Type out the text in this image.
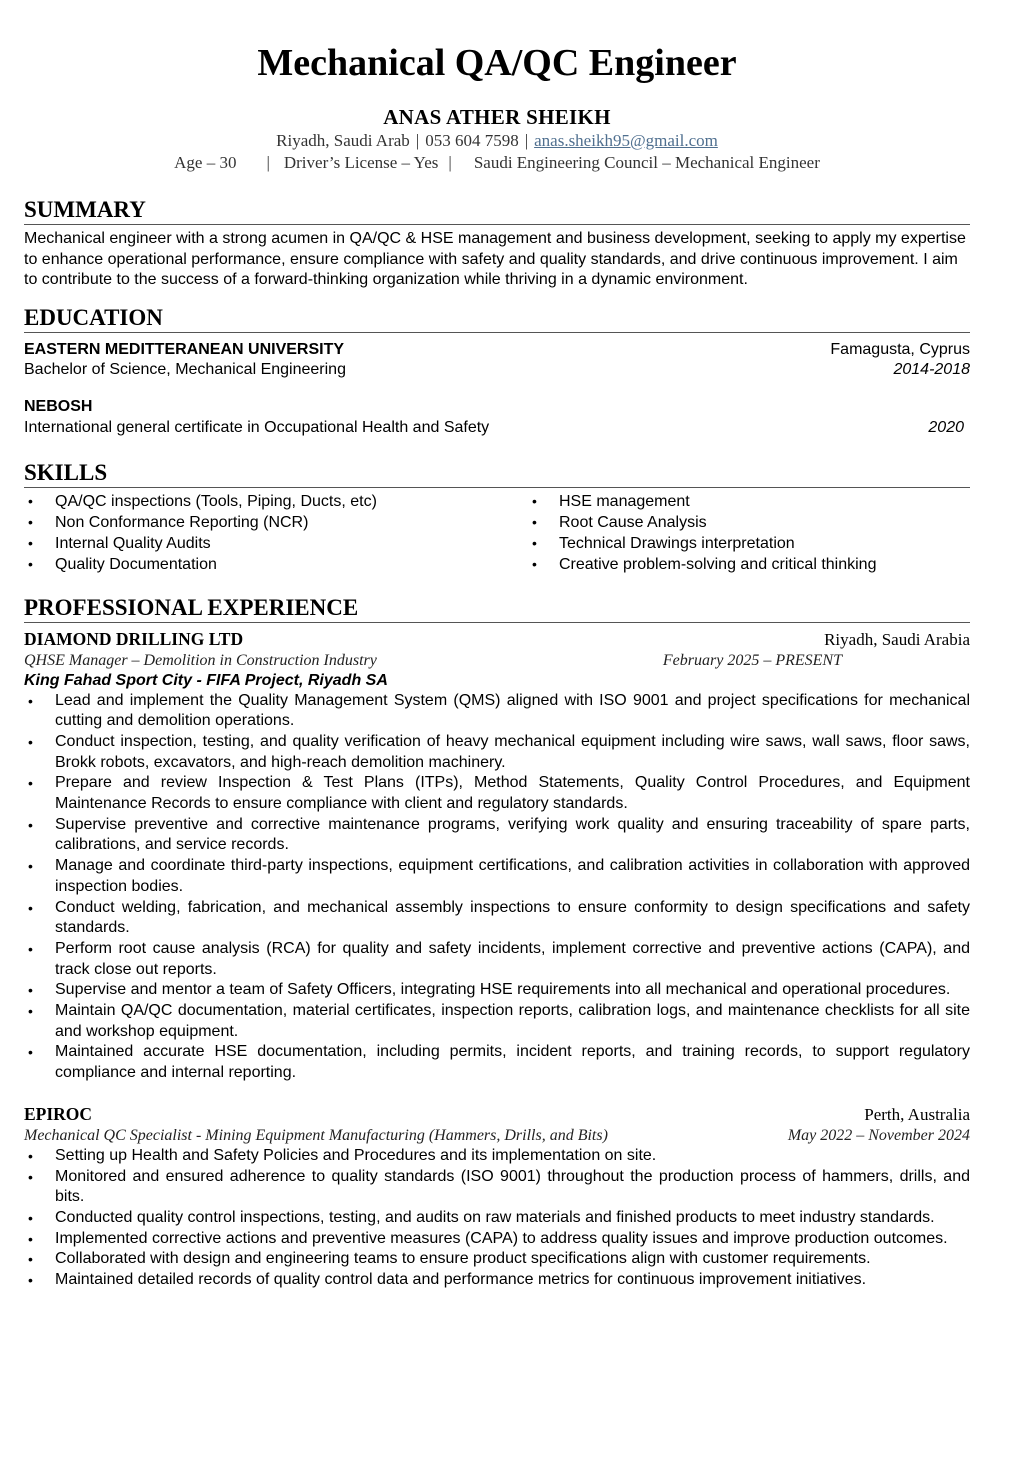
Mechanical QA/QC Engineer
ANAS ATHER SHEIKH
Riyadh, Saudi Arab | 053 604 7598 | anas.sheikh95@gmail.com
Age – 30 | Driver’s License – Yes | Saudi Engineering Council – Mechanical Engineer
SUMMARY
Mechanical engineer with a strong acumen in QA/QC & HSE management and business development, seeking to apply my expertise to enhance operational performance, ensure compliance with safety and quality standards, and drive continuous improvement. I aim to contribute to the success of a forward-thinking organization while thriving in a dynamic environment.
EDUCATION
EASTERN MEDITTERANEAN UNIVERSITY	Famagusta, Cyprus
Bachelor of Science, Mechanical Engineering	2014-2018
NEBOSH
International general certificate in Occupational Health and Safety	2020
SKILLS
• QA/QC inspections (Tools, Piping, Ducts, etc)
• Non Conformance Reporting (NCR)
• Internal Quality Audits
• Quality Documentation
• HSE management
• Root Cause Analysis
• Technical Drawings interpretation
• Creative problem-solving and critical thinking
PROFESSIONAL EXPERIENCE
DIAMOND DRILLING LTD	Riyadh, Saudi Arabia
QHSE Manager – Demolition in Construction Industry	February 2025 – PRESENT
King Fahad Sport City - FIFA Project, Riyadh SA
• Lead and implement the Quality Management System (QMS) aligned with ISO 9001 and project specifications for mechanical cutting and demolition operations.
• Conduct inspection, testing, and quality verification of heavy mechanical equipment including wire saws, wall saws, floor saws, Brokk robots, excavators, and high-reach demolition machinery.
• Prepare and review Inspection & Test Plans (ITPs), Method Statements, Quality Control Procedures, and Equipment Maintenance Records to ensure compliance with client and regulatory standards.
• Supervise preventive and corrective maintenance programs, verifying work quality and ensuring traceability of spare parts, calibrations, and service records.
• Manage and coordinate third-party inspections, equipment certifications, and calibration activities in collaboration with approved inspection bodies.
• Conduct welding, fabrication, and mechanical assembly inspections to ensure conformity to design specifications and safety standards.
• Perform root cause analysis (RCA) for quality and safety incidents, implement corrective and preventive actions (CAPA), and track close out reports.
• Supervise and mentor a team of Safety Officers, integrating HSE requirements into all mechanical and operational procedures.
• Maintain QA/QC documentation, material certificates, inspection reports, calibration logs, and maintenance checklists for all site and workshop equipment.
• Maintained accurate HSE documentation, including permits, incident reports, and training records, to support regulatory compliance and internal reporting.
EPIROC	Perth, Australia
Mechanical QC Specialist - Mining Equipment Manufacturing (Hammers, Drills, and Bits)	May 2022 – November 2024
• Setting up Health and Safety Policies and Procedures and its implementation on site.
• Monitored and ensured adherence to quality standards (ISO 9001) throughout the production process of hammers, drills, and bits.
• Conducted quality control inspections, testing, and audits on raw materials and finished products to meet industry standards.
• Implemented corrective actions and preventive measures (CAPA) to address quality issues and improve production outcomes.
• Collaborated with design and engineering teams to ensure product specifications align with customer requirements.
• Maintained detailed records of quality control data and performance metrics for continuous improvement initiatives.
